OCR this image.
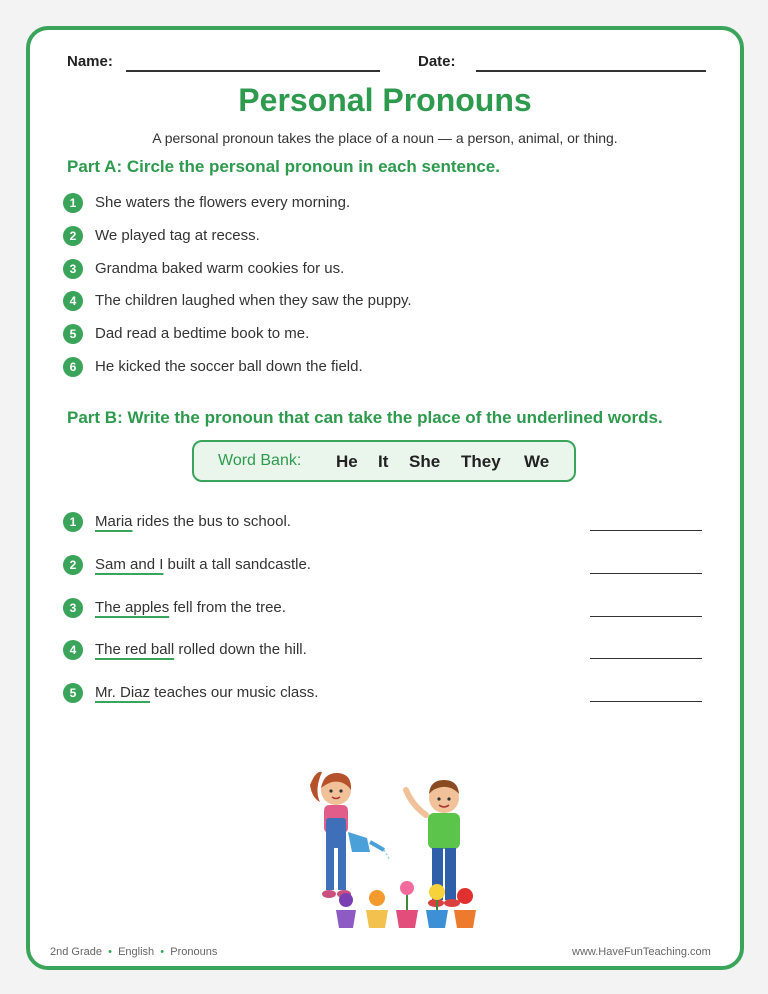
Name:	Date:
Personal Pronouns
A personal pronoun takes the place of a noun — a person, animal, or thing.
Part A: Circle the personal pronoun in each sentence.
1	She waters the flowers every morning.
2	We played tag at recess.
3	Grandma baked warm cookies for us.
4	The children laughed when they saw the puppy.
5	Dad read a bedtime book to me.
6	He kicked the soccer ball down the field.
Part B: Write the pronoun that can take the place of the underlined words.
Word Bank: He It She They We
1	Maria rides the bus to school.
2	Sam and I built a tall sandcastle.
3	The apples fell from the tree.
4	The red ball rolled down the hill.
5	Mr. Diaz teaches our music class.
2nd Grade • English • Pronouns	www.HaveFunTeaching.com
